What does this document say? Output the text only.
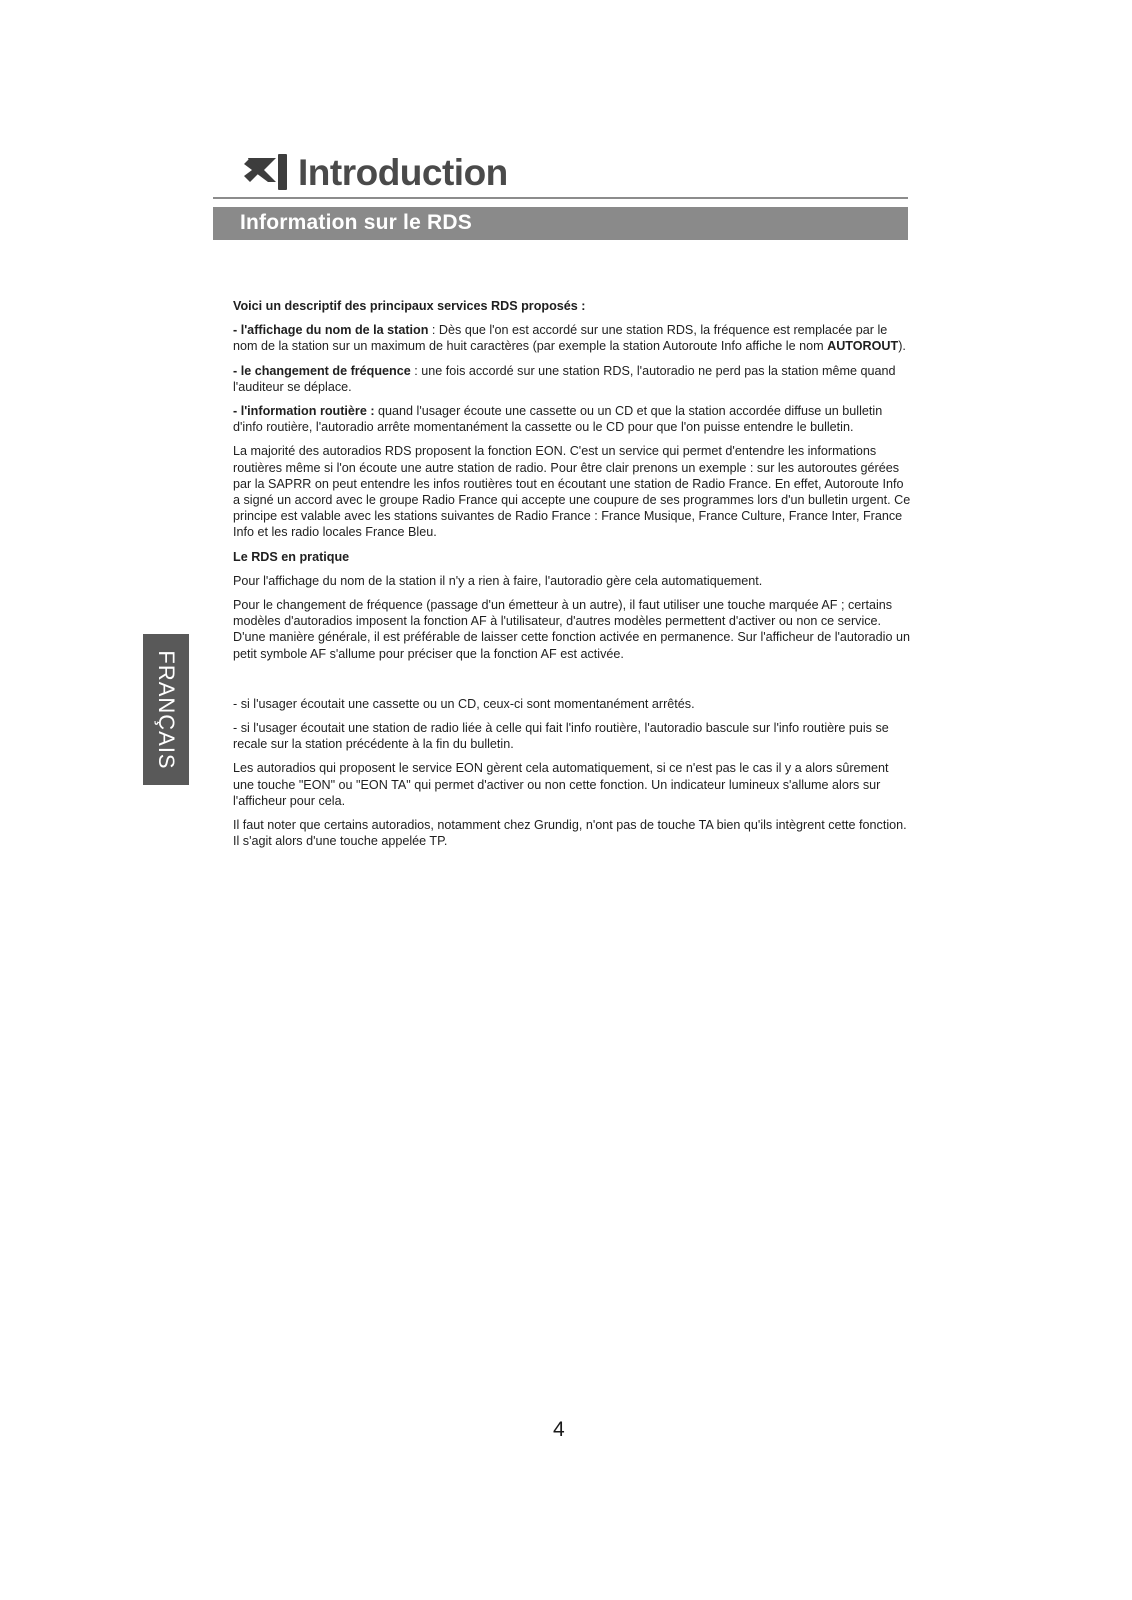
Introduction
Information sur le RDS
FRANÇAIS

Voici un descriptif des principaux services RDS proposés :

- l'affichage du nom de la station : Dès que l'on est accordé sur une station RDS, la fréquence est remplacée par le nom de la station sur un maximum de huit caractères (par exemple la station Autoroute Info affiche le nom AUTOROUT).

- le changement de fréquence : une fois accordé sur une station RDS, l'autoradio ne perd pas la station même quand l'auditeur se déplace.

- l'information routière : quand l'usager écoute une cassette ou un CD et que la station accordée diffuse un bulletin d'info routière, l'autoradio arrête momentanément la cassette ou le CD pour que l'on puisse entendre le bulletin.

La majorité des autoradios RDS proposent la fonction EON. C'est un service qui permet d'entendre les informations routières même si l'on écoute une autre station de radio. Pour être clair prenons un exemple : sur les autoroutes gérées par la SAPRR on peut entendre les infos routières tout en écoutant une station de Radio France. En effet, Autoroute Info a signé un accord avec le groupe Radio France qui accepte une coupure de ses programmes lors d'un bulletin urgent. Ce principe est valable avec les stations suivantes de Radio France : France Musique, France Culture, France Inter, France Info et les radio locales France Bleu.

Le RDS en pratique

Pour l'affichage du nom de la station il n'y a rien à faire, l'autoradio gère cela automatiquement.

Pour le changement de fréquence (passage d'un émetteur à un autre), il faut utiliser une touche marquée AF ; certains modèles d'autoradios imposent la fonction AF à l'utilisateur, d'autres modèles permettent d'activer ou non ce service. D'une manière générale, il est préférable de laisser cette fonction activée en permanence. Sur l'afficheur de l'autoradio un petit symbole AF s'allume pour préciser que la fonction AF est activée.

- si l'usager écoutait une cassette ou un CD, ceux-ci sont momentanément arrêtés.

- si l'usager écoutait une station de radio liée à celle qui fait l'info routière, l'autoradio bascule sur l'info routière puis se recale sur la station précédente à la fin du bulletin.

Les autoradios qui proposent le service EON gèrent cela automatiquement, si ce n'est pas le cas il y a alors sûrement une touche "EON" ou "EON TA" qui permet d'activer ou non cette fonction. Un indicateur lumineux s'allume alors sur l'afficheur pour cela.

Il faut noter que certains autoradios, notamment chez Grundig, n'ont pas de touche TA bien qu'ils intègrent cette fonction. Il s'agit alors d'une touche appelée TP.

4
